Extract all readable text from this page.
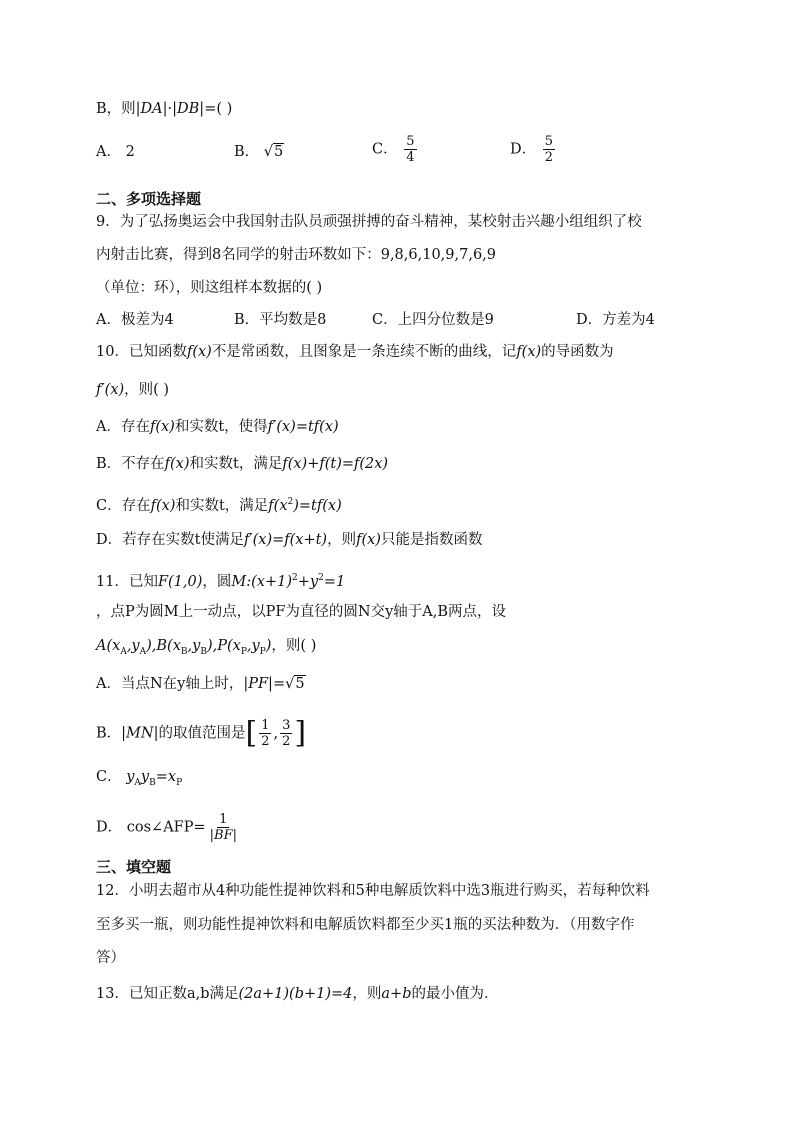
B，则|DA|·|DB|=( )
A． 2	B． √5	C． $\frac{5}{4}$	D． $\frac{5}{2}$
二、多项选择题
9．为了弘扬奥运会中我国射击队员顽强拼搏的奋斗精神，某校射击兴趣小组组织了校
内射击比赛，得到8名同学的射击环数如下：9,8,6,10,9,7,6,9
（单位：环），则这组样本数据的( )
A．极差为4	B．平均数是8	C．上四分位数是9	D．方差为4
10．已知函数f(x)不是常函数，且图象是一条连续不断的曲线，记f(x)的导函数为
f′(x)，则( )
A．存在f(x)和实数t，使得f′(x)=tf(x)
B．不存在f(x)和实数t，满足f(x)+f(t)=f(2x)
C．存在f(x)和实数t，满足$f(x^2)=tf(x)$
D．若存在实数t使满足f′(x)=f(x+t)，则f(x)只能是指数函数
11．已知F(1,0)，圆$M:(x+1)^2+y^2=1$
，点P为圆M上一动点，以PF为直径的圆N交y轴于A,B两点，设
$A(x_A,y_A),B(x_B,y_B),P(x_P,y_P)$，则( )
A．当点N在y轴上时，|PF|=√5
B．|MN|的取值范围是[ $\frac{1}{2}$ , $\frac{3}{2}$ ]
C． $y_Ay_B=x_P$
D． cos∠AFP= $\frac{1}{|BF|}$
三、填空题
12．小明去超市从4种功能性提神饮料和5种电解质饮料中选3瓶进行购买，若每种饮料
至多买一瓶，则功能性提神饮料和电解质饮料都至少买1瓶的买法种数为．（用数字作
答）
13．已知正数a,b满足(2a+1)(b+1)=4，则a+b的最小值为．
